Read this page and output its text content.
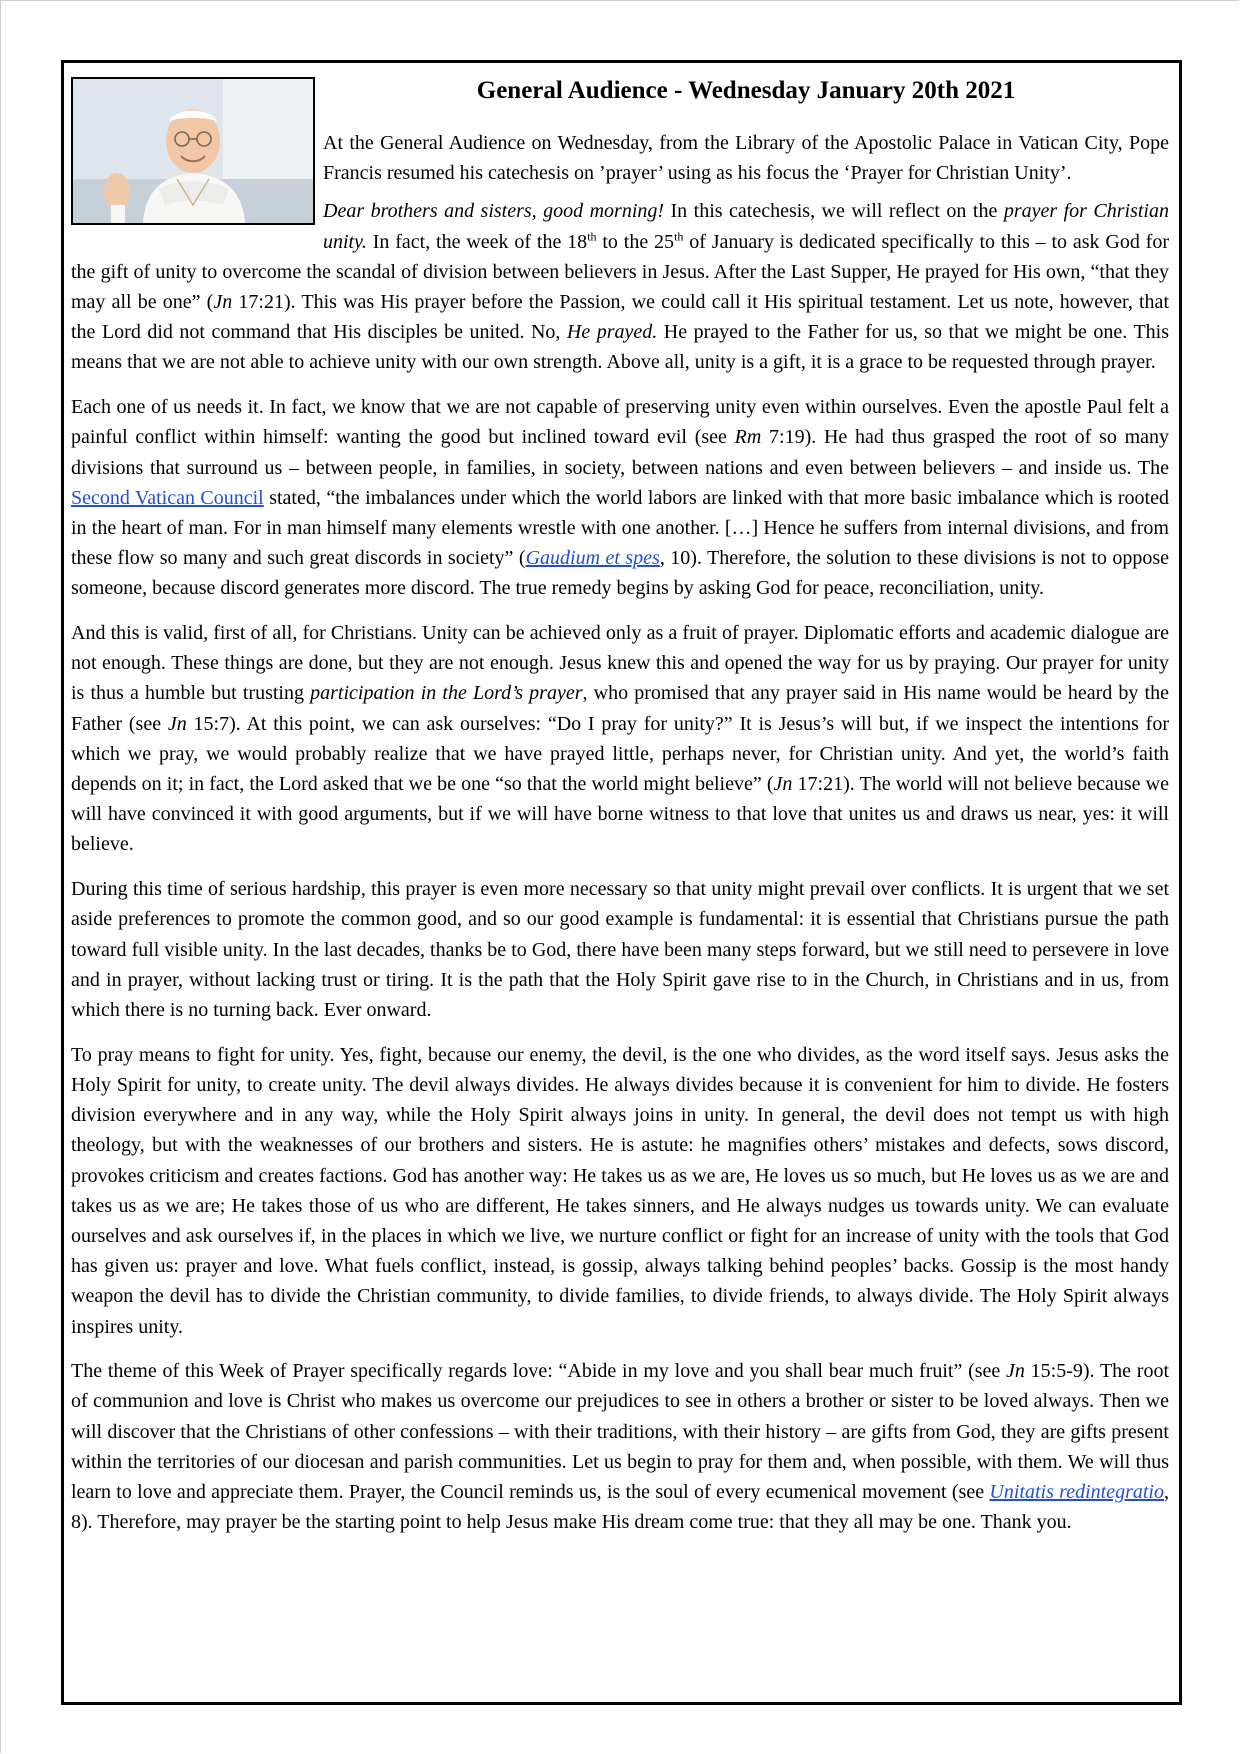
General Audience - Wednesday January 20th 2021

At the General Audience on Wednesday, from the Library of the Apostolic Palace in Vatican City, Pope Francis resumed his catechesis on ’prayer’ using as his focus the ‘Prayer for Christian Unity’.

Dear brothers and sisters, good morning! In this catechesis, we will reflect on the prayer for Christian unity. In fact, the week of the 18th to the 25th of January is dedicated specifically to this – to ask God for the gift of unity to overcome the scandal of division between believers in Jesus. After the Last Supper, He prayed for His own, “that they may all be one” (Jn 17:21). This was His prayer before the Passion, we could call it His spiritual testament. Let us note, however, that the Lord did not command that His disciples be united. No, He prayed. He prayed to the Father for us, so that we might be one. This means that we are not able to achieve unity with our own strength. Above all, unity is a gift, it is a grace to be requested through prayer.

Each one of us needs it. In fact, we know that we are not capable of preserving unity even within ourselves. Even the apostle Paul felt a painful conflict within himself: wanting the good but inclined toward evil (see Rm 7:19). He had thus grasped the root of so many divisions that surround us – between people, in families, in society, between nations and even between believers – and inside us. The Second Vatican Council stated, “the imbalances under which the world labors are linked with that more basic imbalance which is rooted in the heart of man. For in man himself many elements wrestle with one another. […] Hence he suffers from internal divisions, and from these flow so many and such great discords in society” (Gaudium et spes, 10). Therefore, the solution to these divisions is not to oppose someone, because discord generates more discord. The true remedy begins by asking God for peace, reconciliation, unity.

And this is valid, first of all, for Christians. Unity can be achieved only as a fruit of prayer. Diplomatic efforts and academic dialogue are not enough. These things are done, but they are not enough. Jesus knew this and opened the way for us by praying. Our prayer for unity is thus a humble but trusting participation in the Lord’s prayer, who promised that any prayer said in His name would be heard by the Father (see Jn 15:7). At this point, we can ask ourselves: “Do I pray for unity?” It is Jesus’s will but, if we inspect the intentions for which we pray, we would probably realize that we have prayed little, perhaps never, for Christian unity. And yet, the world’s faith depends on it; in fact, the Lord asked that we be one “so that the world might believe” (Jn 17:21). The world will not believe because we will have convinced it with good arguments, but if we will have borne witness to that love that unites us and draws us near, yes: it will believe.

During this time of serious hardship, this prayer is even more necessary so that unity might prevail over conflicts. It is urgent that we set aside preferences to promote the common good, and so our good example is fundamental: it is essential that Christians pursue the path toward full visible unity. In the last decades, thanks be to God, there have been many steps forward, but we still need to persevere in love and in prayer, without lacking trust or tiring. It is the path that the Holy Spirit gave rise to in the Church, in Christians and in us, from which there is no turning back. Ever onward.

To pray means to fight for unity. Yes, fight, because our enemy, the devil, is the one who divides, as the word itself says. Jesus asks the Holy Spirit for unity, to create unity. The devil always divides. He always divides because it is convenient for him to divide. He fosters division everywhere and in any way, while the Holy Spirit always joins in unity. In general, the devil does not tempt us with high theology, but with the weaknesses of our brothers and sisters. He is astute: he magnifies others’ mistakes and defects, sows discord, provokes criticism and creates factions. God has another way: He takes us as we are, He loves us so much, but He loves us as we are and takes us as we are; He takes those of us who are different, He takes sinners, and He always nudges us towards unity. We can evaluate ourselves and ask ourselves if, in the places in which we live, we nurture conflict or fight for an increase of unity with the tools that God has given us: prayer and love. What fuels conflict, instead, is gossip, always talking behind peoples’ backs. Gossip is the most handy weapon the devil has to divide the Christian community, to divide families, to divide friends, to always divide. The Holy Spirit always inspires unity.

The theme of this Week of Prayer specifically regards love: “Abide in my love and you shall bear much fruit” (see Jn 15:5-9). The root of communion and love is Christ who makes us overcome our prejudices to see in others a brother or sister to be loved always. Then we will discover that the Christians of other confessions – with their traditions, with their history – are gifts from God, they are gifts present within the territories of our diocesan and parish communities. Let us begin to pray for them and, when possible, with them. We will thus learn to love and appreciate them. Prayer, the Council reminds us, is the soul of every ecumenical movement (see Unitatis redintegratio, 8). Therefore, may prayer be the starting point to help Jesus make His dream come true: that they all may be one. Thank you.
